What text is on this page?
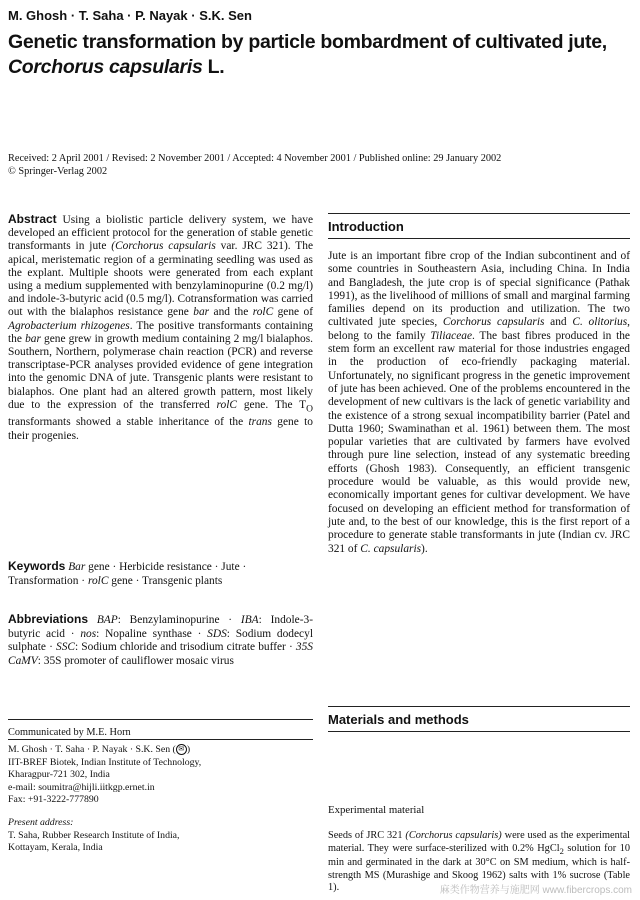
M. Ghosh · T. Saha · P. Nayak · S.K. Sen
Genetic transformation by particle bombardment of cultivated jute,
Corchorus capsularis L.
Received: 2 April 2001 / Revised: 2 November 2001 / Accepted: 4 November 2001 / Published online: 29 January 2002
© Springer-Verlag 2002
Abstract Using a biolistic particle delivery system, we have developed an efficient protocol for the generation of stable genetic transformants in jute (Corchorus capsularis var. JRC 321). The apical, meristematic region of a germinating seedling was used as the explant. Multiple shoots were generated from each explant using a medium supplemented with benzylaminopurine (0.2 mg/l) and indole-3-butyric acid (0.5 mg/l). Cotransformation was carried out with the bialaphos resistance gene bar and the rolC gene of Agrobacterium rhizogenes. The positive transformants containing the bar gene grew in growth medium containing 2 mg/l bialaphos. Southern, Northern, polymerase chain reaction (PCR) and reverse transcriptase-PCR analyses provided evidence of gene integration into the genomic DNA of jute. Transgenic plants were resistant to bialaphos. One plant had an altered growth pattern, most likely due to the expression of the transferred rolC gene. The $T_O$ transformants showed a stable inheritance of the trans gene to their progenies.
Keywords Bar gene · Herbicide resistance · Jute · Transformation · rolC gene · Transgenic plants
Abbreviations BAP: Benzylaminopurine · IBA: Indole-3-butyric acid · nos: Nopaline synthase · SDS: Sodium dodecyl sulphate · SSC: Sodium chloride and trisodium citrate buffer · 35S CaMV: 35S promoter of cauliflower mosaic virus
Communicated by M.E. Horn
M. Ghosh · T. Saha · P. Nayak · S.K. Sen ( ✉ )
IIT-BREF Biotek, Indian Institute of Technology,
Kharagpur-721 302, India
e-mail: soumitra@hijli.iitkgp.ernet.in
Fax: +91-3222-777890
Present address:
T. Saha, Rubber Research Institute of India,
Kottayam, Kerala, India
Introduction
Jute is an important fibre crop of the Indian subcontinent and of some countries in Southeastern Asia, including China. In India and Bangladesh, the jute crop is of special significance (Pathak 1991), as the livelihood of millions of small and marginal farming families depend on its production and utilization. The two cultivated jute species, Corchorus capsularis and C. olitorius, belong to the family Tiliaceae. The bast fibres produced in the stem form an excellent raw material for those industries engaged in the production of eco-friendly packaging material. Unfortunately, no significant progress in the genetic improvement of jute has been achieved. One of the problems encountered in the development of new cultivars is the lack of genetic variability and the existence of a strong sexual incompatibility barrier (Patel and Dutta 1960; Swaminathan et al. 1961) between them. The most popular varieties that are cultivated by farmers have evolved through pure line selection, instead of any systematic breeding efforts (Ghosh 1983). Consequently, an efficient transgenic procedure would be valuable, as this would provide new, economically important genes for cultivar development. We have focused on developing an efficient method for transformation of jute and, to the best of our knowledge, this is the first report of a procedure to generate stable transformants in jute (Indian cv. JRC 321 of C. capsularis).
Materials and methods
Experimental material
Seeds of JRC 321 (Corchorus capsularis) were used as the experimental material. They were surface-sterilized with 0.2% HgCl$_2$ solution for 10 min and germinated in the dark at 30°C on SM medium, which is half-strength MS (Murashige and Skoog 1962) salts with 1% sucrose (Table 1).	麻类作物营养与施肥网 www.fibercrops.com
